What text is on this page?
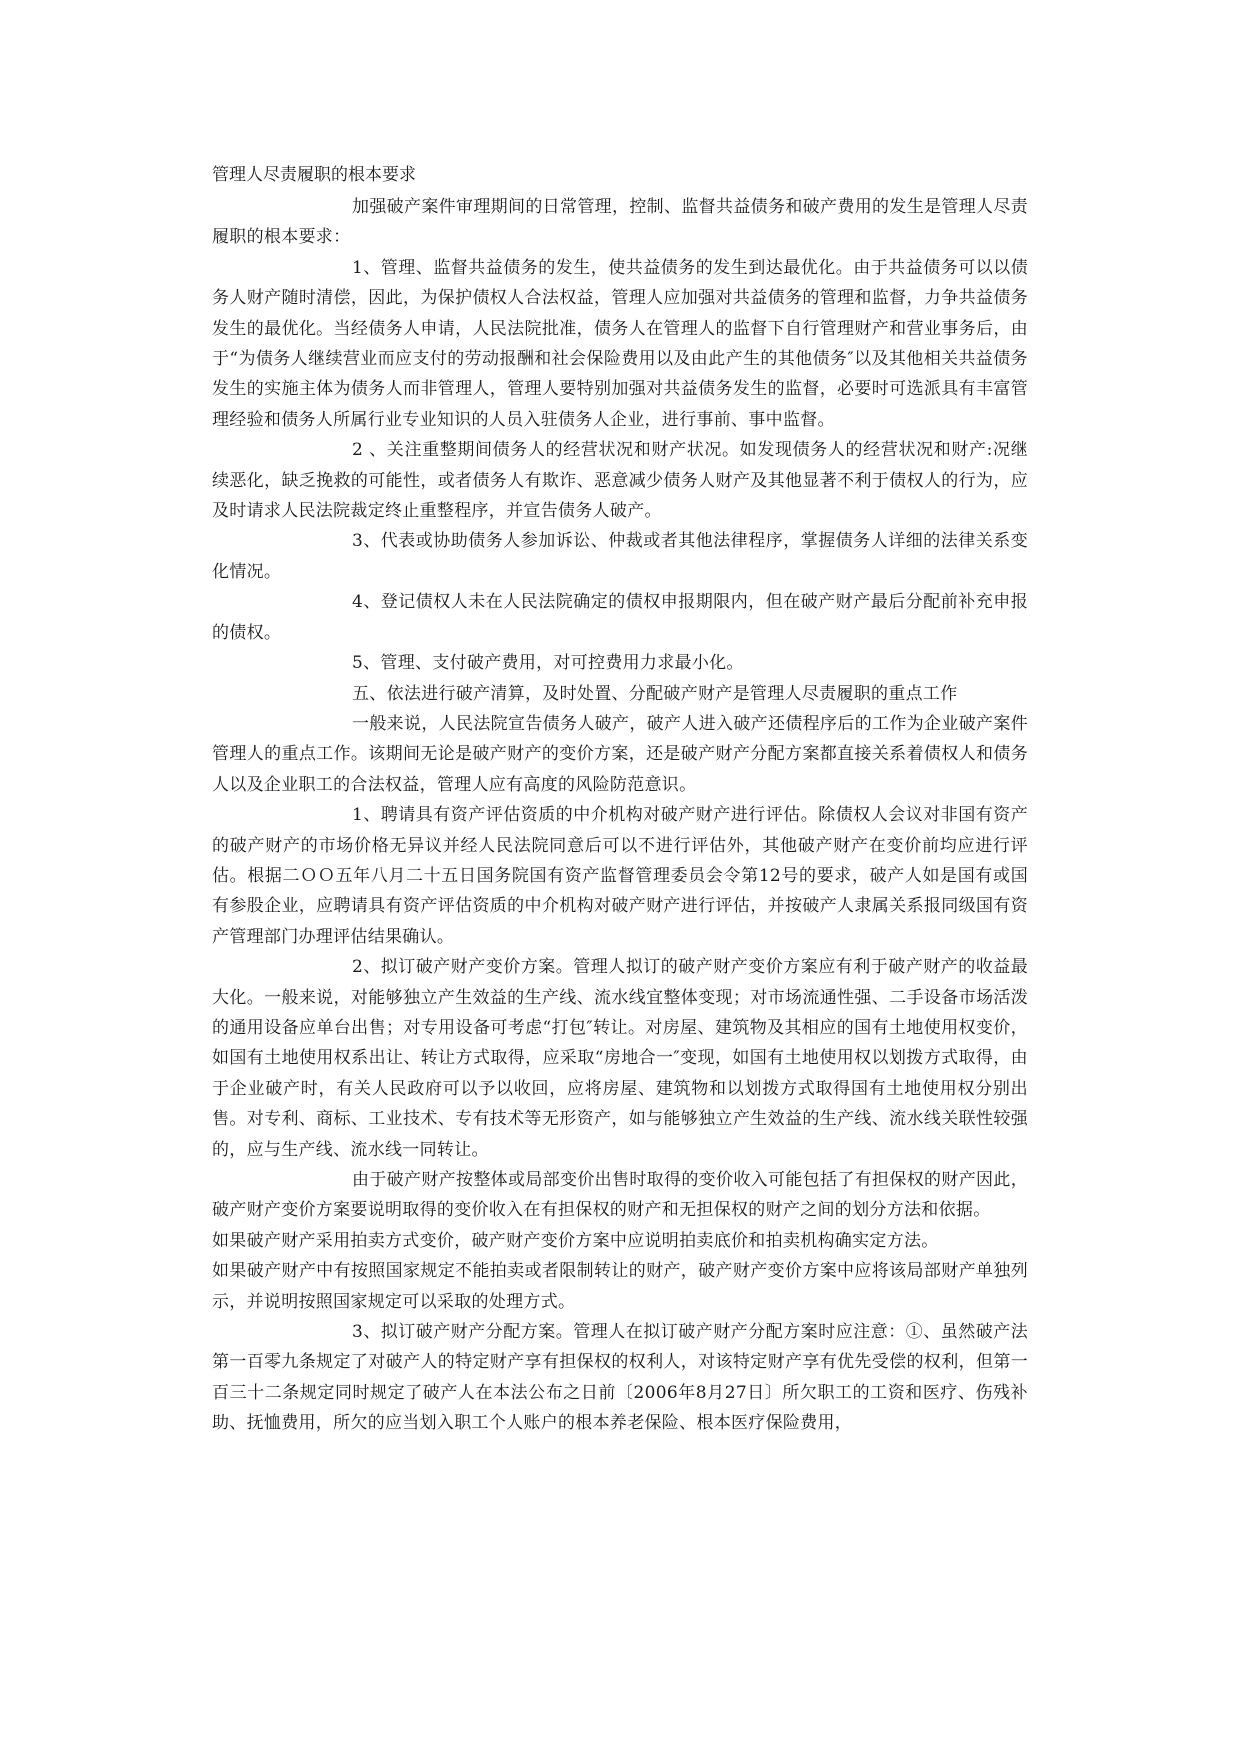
管理人尽责履职的根本要求

加强破产案件审理期间的日常管理，控制、监督共益债务和破产费用的发生是管理人尽责履职的根本要求：

1、管理、监督共益债务的发生，使共益债务的发生到达最优化。由于共益债务可以以债务人财产随时清偿，因此，为保护债权人合法权益，管理人应加强对共益债务的管理和监督，力争共益债务发生的最优化。当经债务人申请，人民法院批准，债务人在管理人的监督下自行管理财产和营业事务后，由于“为债务人继续营业而应支付的劳动报酬和社会保险费用以及由此产生的其他债务″以及其他相关共益债务发生的实施主体为债务人而非管理人，管理人要特别加强对共益债务发生的监督，必要时可选派具有丰富管理经验和债务人所属行业专业知识的人员入驻债务人企业，进行事前、事中监督。

2 、关注重整期间债务人的经营状况和财产状况。如发现债务人的经营状况和财产:况继续恶化，缺乏挽救的可能性，或者债务人有欺诈、恶意减少债务人财产及其他显著不利于债权人的行为，应及时请求人民法院裁定终止重整程序，并宣告债务人破产。

3、代表或协助债务人参加诉讼、仲裁或者其他法律程序，掌握债务人详细的法律关系变化情况。

4、登记债权人未在人民法院确定的债权申报期限内，但在破产财产最后分配前补充申报的债权。

5、管理、支付破产费用，对可控费用力求最小化。

五、依法进行破产清算，及时处置、分配破产财产是管理人尽责履职的重点工作

一般来说，人民法院宣告债务人破产，破产人进入破产还债程序后的工作为企业破产案件管理人的重点工作。该期间无论是破产财产的变价方案，还是破产财产分配方案都直接关系着债权人和债务人以及企业职工的合法权益，管理人应有高度的风险防范意识。

1、聘请具有资产评估资质的中介机构对破产财产进行评估。除债权人会议对非国有资产的破产财产的市场价格无异议并经人民法院同意后可以不进行评估外，其他破产财产在变价前均应进行评估。根据二ＯＯ五年八月二十五日国务院国有资产监督管理委员会令第12号的要求，破产人如是国有或国有参股企业，应聘请具有资产评估资质的中介机构对破产财产进行评估，并按破产人隶属关系报同级国有资产管理部门办理评估结果确认。

2、拟订破产财产变价方案。管理人拟订的破产财产变价方案应有利于破产财产的收益最大化。一般来说，对能够独立产生效益的生产线、流水线宜整体变现；对市场流通性强、二手设备市场活泼的通用设备应单台出售；对专用设备可考虑“打包″转让。对房屋、建筑物及其相应的国有土地使用权变价，如国有土地使用权系出让、转让方式取得，应采取“房地合一″变现，如国有土地使用权以划拨方式取得，由于企业破产时，有关人民政府可以予以收回，应将房屋、建筑物和以划拨方式取得国有土地使用权分别出售。对专利、商标、工业技术、专有技术等无形资产，如与能够独立产生效益的生产线、流水线关联性较强的，应与生产线、流水线一同转让。

由于破产财产按整体或局部变价出售时取得的变价收入可能包括了有担保权的财产因此，破产财产变价方案要说明取得的变价收入在有担保权的财产和无担保权的财产之间的划分方法和依据。

如果破产财产采用拍卖方式变价，破产财产变价方案中应说明拍卖底价和拍卖机构确实定方法。

如果破产财产中有按照国家规定不能拍卖或者限制转让的财产，破产财产变价方案中应将该局部财产单独列示，并说明按照国家规定可以采取的处理方式。

3、拟订破产财产分配方案。管理人在拟订破产财产分配方案时应注意：①、虽然破产法第一百零九条规定了对破产人的特定财产享有担保权的权利人，对该特定财产享有优先受偿的权利，但第一百三十二条规定同时规定了破产人在本法公布之日前〔2006年8月27日〕所欠职工的工资和医疗、伤残补助、抚恤费用，所欠的应当划入职工个人账户的根本养老保险、根本医疗保险费用，
